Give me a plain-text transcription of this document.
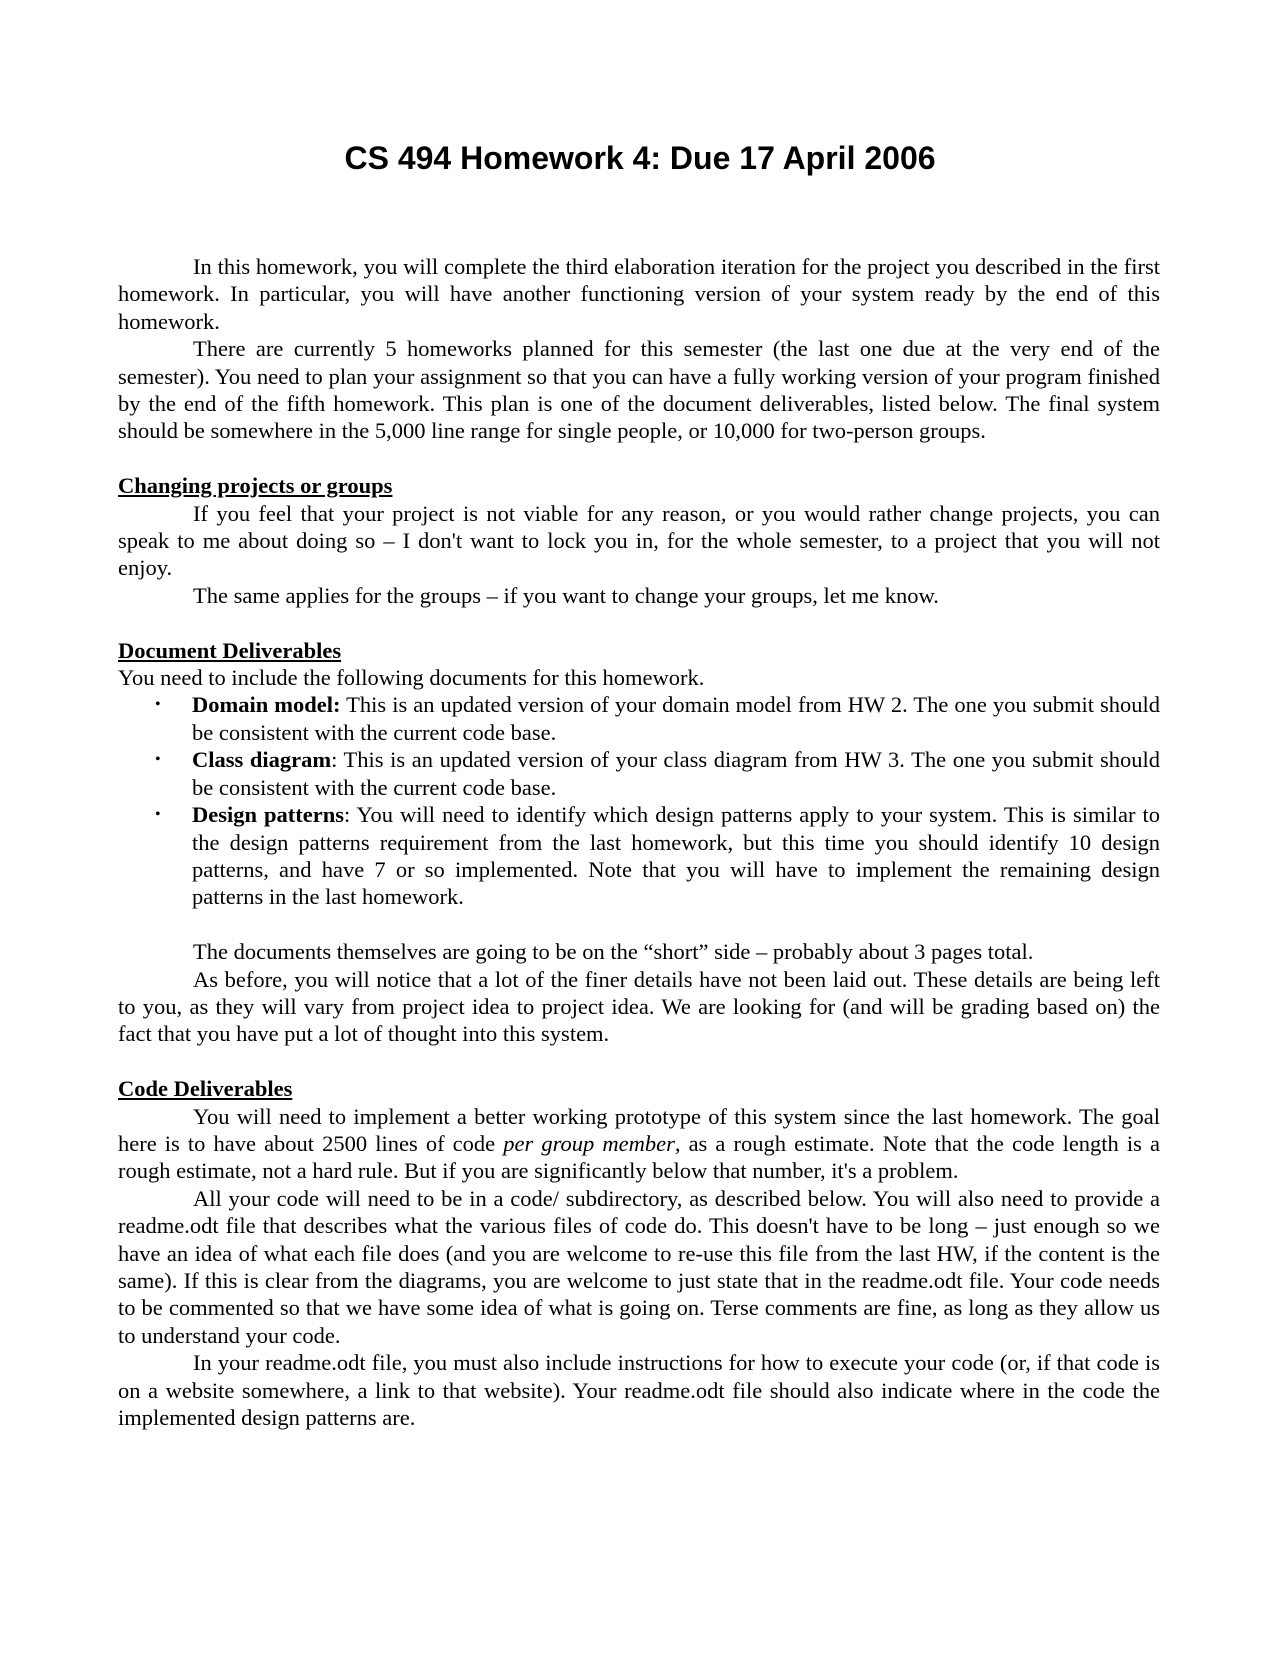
CS 494 Homework 4: Due 17 April 2006

In this homework, you will complete the third elaboration iteration for the project you described in the first homework. In particular, you will have another functioning version of your system ready by the end of this homework.

There are currently 5 homeworks planned for this semester (the last one due at the very end of the semester). You need to plan your assignment so that you can have a fully working version of your program finished by the end of the fifth homework. This plan is one of the document deliverables, listed below. The final system should be somewhere in the 5,000 line range for single people, or 10,000 for two-person groups.

Changing projects or groups

If you feel that your project is not viable for any reason, or you would rather change projects, you can speak to me about doing so – I don't want to lock you in, for the whole semester, to a project that you will not enjoy.

The same applies for the groups – if you want to change your groups, let me know.

Document Deliverables

You need to include the following documents for this homework.

• Domain model: This is an updated version of your domain model from HW 2. The one you submit should be consistent with the current code base.
• Class diagram: This is an updated version of your class diagram from HW 3. The one you submit should be consistent with the current code base.
• Design patterns: You will need to identify which design patterns apply to your system. This is similar to the design patterns requirement from the last homework, but this time you should identify 10 design patterns, and have 7 or so implemented. Note that you will have to implement the remaining design patterns in the last homework.

The documents themselves are going to be on the “short” side – probably about 3 pages total.

As before, you will notice that a lot of the finer details have not been laid out. These details are being left to you, as they will vary from project idea to project idea. We are looking for (and will be grading based on) the fact that you have put a lot of thought into this system.

Code Deliverables

You will need to implement a better working prototype of this system since the last homework. The goal here is to have about 2500 lines of code per group member, as a rough estimate. Note that the code length is a rough estimate, not a hard rule. But if you are significantly below that number, it's a problem.

All your code will need to be in a code/ subdirectory, as described below. You will also need to provide a readme.odt file that describes what the various files of code do. This doesn't have to be long – just enough so we have an idea of what each file does (and you are welcome to re-use this file from the last HW, if the content is the same). If this is clear from the diagrams, you are welcome to just state that in the readme.odt file. Your code needs to be commented so that we have some idea of what is going on. Terse comments are fine, as long as they allow us to understand your code.

In your readme.odt file, you must also include instructions for how to execute your code (or, if that code is on a website somewhere, a link to that website). Your readme.odt file should also indicate where in the code the implemented design patterns are.
